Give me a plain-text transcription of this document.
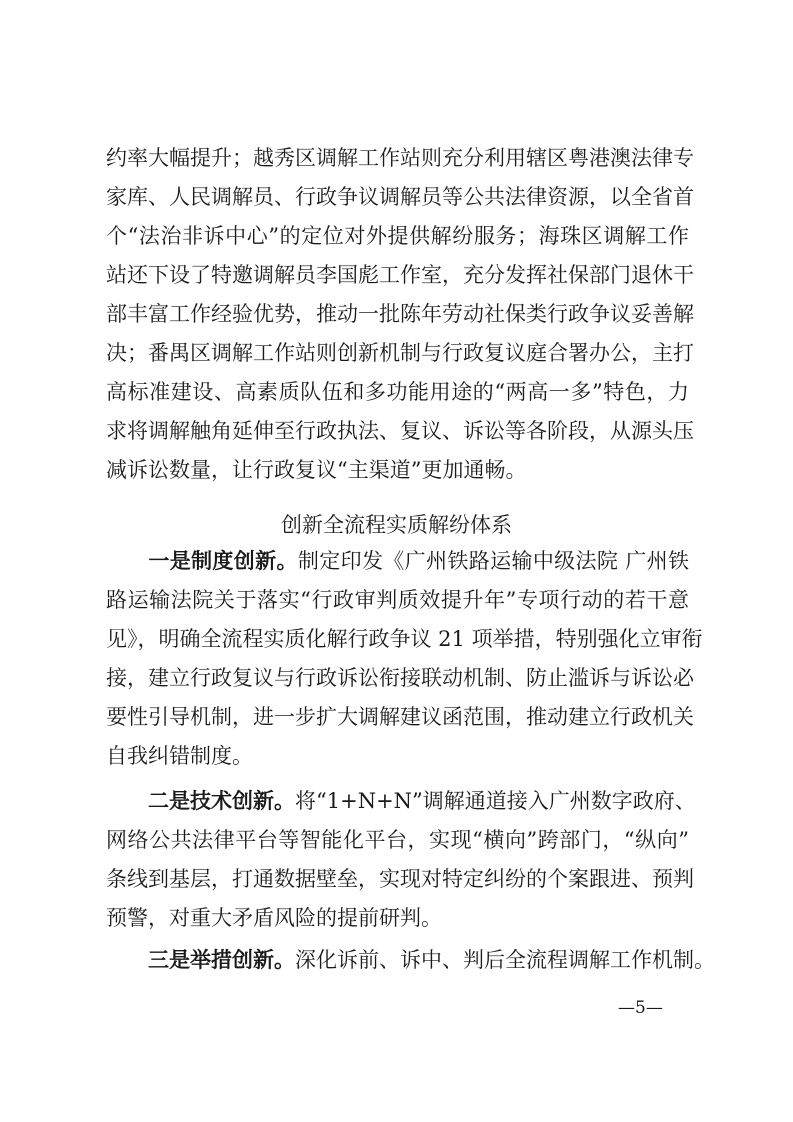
约率大幅提升；越秀区调解工作站则充分利用辖区粤港澳法律专
家库、人民调解员、行政争议调解员等公共法律资源，以全省首
个“法治非诉中心”的定位对外提供解纷服务；海珠区调解工作
站还下设了特邀调解员李国彪工作室，充分发挥社保部门退休干
部丰富工作经验优势，推动一批陈年劳动社保类行政争议妥善解
决；番禺区调解工作站则创新机制与行政复议庭合署办公，主打
高标准建设、高素质队伍和多功能用途的“两高一多”特色，力
求将调解触角延伸至行政执法、复议、诉讼等各阶段，从源头压
减诉讼数量，让行政复议“主渠道”更加通畅。
创新全流程实质解纷体系
一是制度创新。制定印发《广州铁路运输中级法院 广州铁
路运输法院关于落实“行政审判质效提升年”专项行动的若干意
见》，明确全流程实质化解行政争议 21 项举措，特别强化立审衔
接，建立行政复议与行政诉讼衔接联动机制、防止滥诉与诉讼必
要性引导机制，进一步扩大调解建议函范围，推动建立行政机关
自我纠错制度。
二是技术创新。将“1+N+N”调解通道接入广州数字政府、
网络公共法律平台等智能化平台，实现“横向”跨部门，“纵向”
条线到基层，打通数据壁垒，实现对特定纠纷的个案跟进、预判
预警，对重大矛盾风险的提前研判。
三是举措创新。深化诉前、诉中、判后全流程调解工作机制。
—5—
